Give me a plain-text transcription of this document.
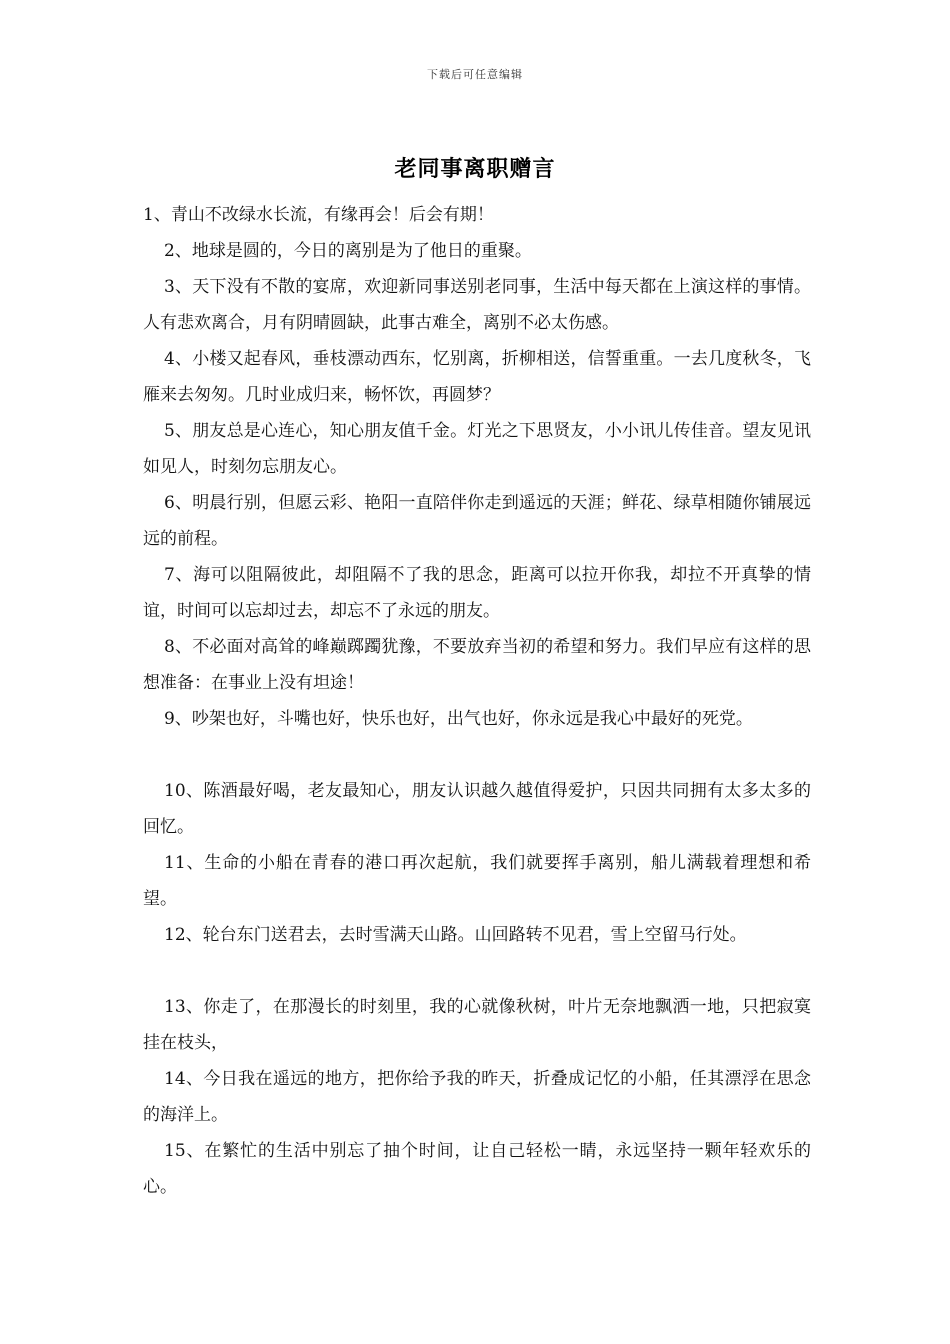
下载后可任意编辑
老同事离职赠言

1、青山不改绿水长流，有缘再会！后会有期！

2、地球是圆的，今日的离别是为了他日的重聚。

3、天下没有不散的宴席，欢迎新同事送别老同事，生活中每天都在上演这样的事情。人有悲欢离合，月有阴晴圆缺，此事古难全，离别不必太伤感。

4、小楼又起春风，垂枝漂动西东，忆别离，折柳相送，信誓重重。一去几度秋冬，飞雁来去匆匆。几时业成归来，畅怀饮，再圆梦？

5、朋友总是心连心，知心朋友值千金。灯光之下思贤友，小小讯儿传佳音。望友见讯如见人，时刻勿忘朋友心。

6、明晨行别，但愿云彩、艳阳一直陪伴你走到遥远的天涯；鲜花、绿草相随你铺展远远的前程。

7、海可以阻隔彼此，却阻隔不了我的思念，距离可以拉开你我，却拉不开真挚的情谊，时间可以忘却过去，却忘不了永远的朋友。

8、不必面对高耸的峰巅踯躅犹豫，不要放弃当初的希望和努力。我们早应有这样的思想准备：在事业上没有坦途！

9、吵架也好，斗嘴也好，快乐也好，出气也好，你永远是我心中最好的死党。

10、陈酒最好喝，老友最知心，朋友认识越久越值得爱护，只因共同拥有太多太多的回忆。

11、生命的小船在青春的港口再次起航，我们就要挥手离别，船儿满载着理想和希望。

12、轮台东门送君去，去时雪满天山路。山回路转不见君，雪上空留马行处。

13、你走了，在那漫长的时刻里，我的心就像秋树，叶片无奈地飘洒一地，只把寂寞挂在枝头，

14、今日我在遥远的地方，把你给予我的昨天，折叠成记忆的小船，任其漂浮在思念的海洋上。

15、在繁忙的生活中别忘了抽个时间，让自己轻松一睛，永远坚持一颗年轻欢乐的心。
